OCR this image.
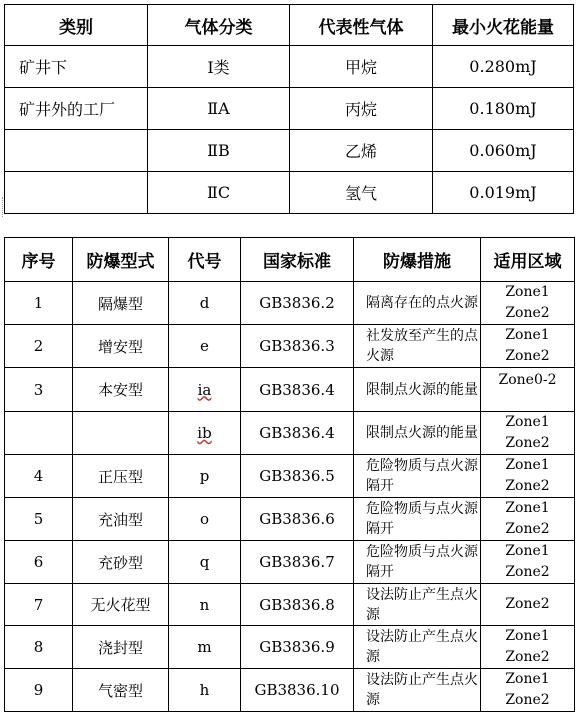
类别	气体分类	代表性气体	最小火花能量
矿井下	Ⅰ类	甲烷	0.280mJ
矿井外的工厂	ⅡA	丙烷	0.180mJ
	ⅡB	乙烯	0.060mJ
	ⅡC	氢气	0.019mJ
序号	防爆型式	代号	国家标准	防爆措施	适用区域
1	隔爆型	d	GB3836.2	隔离存在的点火源	Zone1
Zone2

2	增安型	e	GB3836.3	社发放至产生的点火源	Zone1
Zone2

3	本安型	ia	GB3836.4	限制点火源的能量	Zone0-2

		ib	GB3836.4	限制点火源的能量	Zone1
Zone2

4	正压型	p	GB3836.5	危险物质与点火源隔开	Zone1
Zone2

5	充油型	o	GB3836.6	危险物质与点火源隔开	Zone1
Zone2

6	充砂型	q	GB3836.7	危险物质与点火源隔开	Zone1
Zone2

7	无火花型	n	GB3836.8	设法防止产生点火源	Zone2

8	浇封型	m	GB3836.9	设法防止产生点火源	Zone1
Zone2

9	气密型	h	GB3836.10	设法防止产生点火源	Zone1
Zone2
